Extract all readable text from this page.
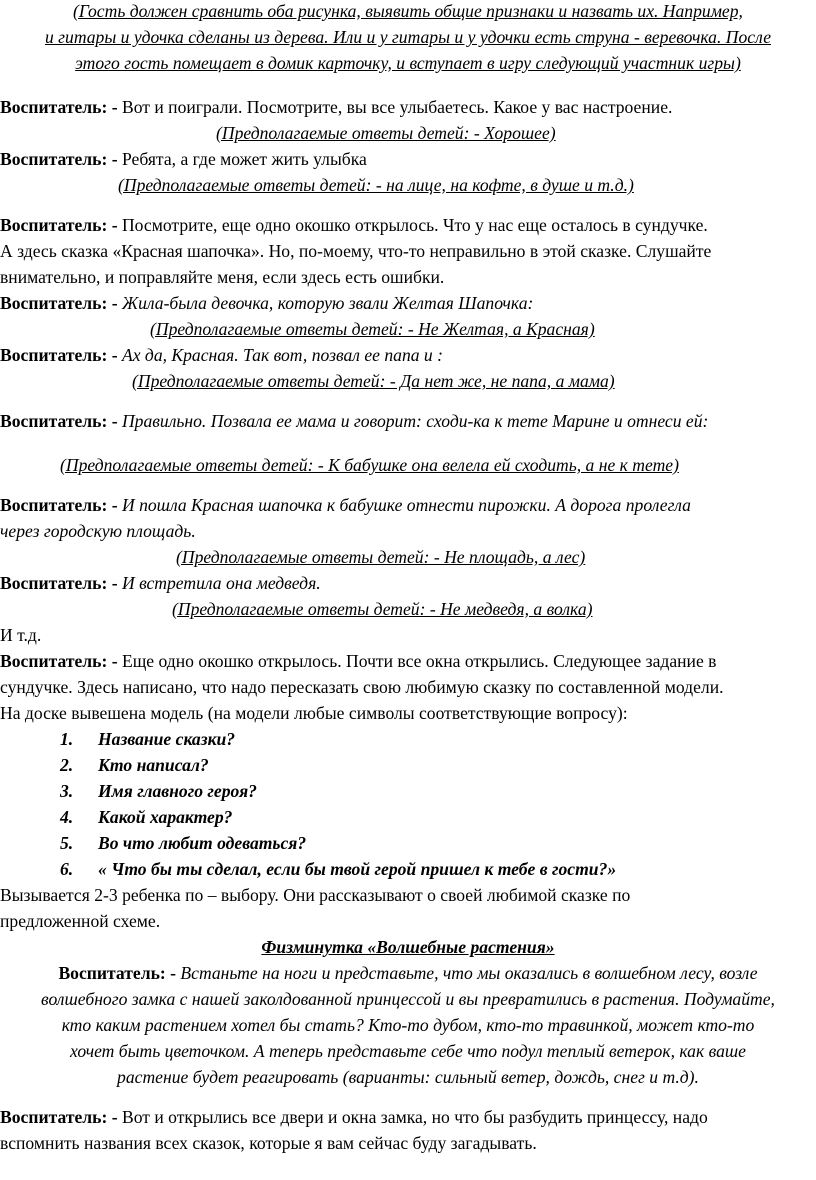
(Гость должен сравнить оба рисунка, выявить общие признаки и назвать их. Например,
и гитары и удочка сделаны из дерева. Или и у гитары и у удочки есть струна - веревочка. После
этого гость помещает в домик карточку, и вступает в игру следующий участник игры)
Воспитатель: - Вот и поиграли. Посмотрите, вы все улыбаетесь. Какое у вас настроение.
(Предполагаемые ответы детей: - Хорошее)
Воспитатель: - Ребята, а где может жить улыбка
(Предполагаемые ответы детей: - на лице, на кофте, в душе и т.д.)
Воспитатель: - Посмотрите, еще одно окошко открылось. Что у нас еще осталось в сундучке.
А здесь сказка «Красная шапочка». Но, по-моему, что-то неправильно в этой сказке. Слушайте
внимательно, и поправляйте меня, если здесь есть ошибки.
Воспитатель: - Жила-была девочка, которую звали Желтая Шапочка:
(Предполагаемые ответы детей: - Не Желтая, а Красная)
Воспитатель: - Ах да, Красная. Так вот, позвал ее папа и :
(Предполагаемые ответы детей: - Да нет же, не папа, а мама)
Воспитатель: - Правильно. Позвала ее мама и говорит: сходи-ка к тете Марине и отнеси ей:
(Предполагаемые ответы детей: - К бабушке она велела ей сходить, а не к тете)
Воспитатель: - И пошла Красная шапочка к бабушке отнести пирожки. А дорога пролегла
через городскую площадь.
(Предполагаемые ответы детей: - Не площадь, а лес)
Воспитатель: - И встретила она медведя.
(Предполагаемые ответы детей: - Не медведя, а волка)
И т.д.
Воспитатель: - Еще одно окошко открылось. Почти все окна открылись. Следующее задание в
сундучке. Здесь написано, что надо пересказать свою любимую сказку по составленной модели.
На доске вывешена модель (на модели любые символы соответствующие вопросу):
1. Название сказки?
2. Кто написал?
3. Имя главного героя?
4. Какой характер?
5. Во что любит одеваться?
6. « Что бы ты сделал, если бы твой герой пришел к тебе в гости?»
Вызывается 2-3 ребенка по – выбору. Они рассказывают о своей любимой сказке по
предложенной схеме.
Физминутка «Волшебные растения»
Воспитатель: - Встаньте на ноги и представьте, что мы оказались в волшебном лесу, возле
волшебного замка с нашей заколдованной принцессой и вы превратились в растения. Подумайте,
кто каким растением хотел бы стать? Кто-то дубом, кто-то травинкой, может кто-то
хочет быть цветочком. А теперь представьте себе что подул теплый ветерок, как ваше
растение будет реагировать (варианты: сильный ветер, дождь, снег и т.д).
Воспитатель: - Вот и открылись все двери и окна замка, но что бы разбудить принцессу, надо
вспомнить названия всех сказок, которые я вам сейчас буду загадывать.
